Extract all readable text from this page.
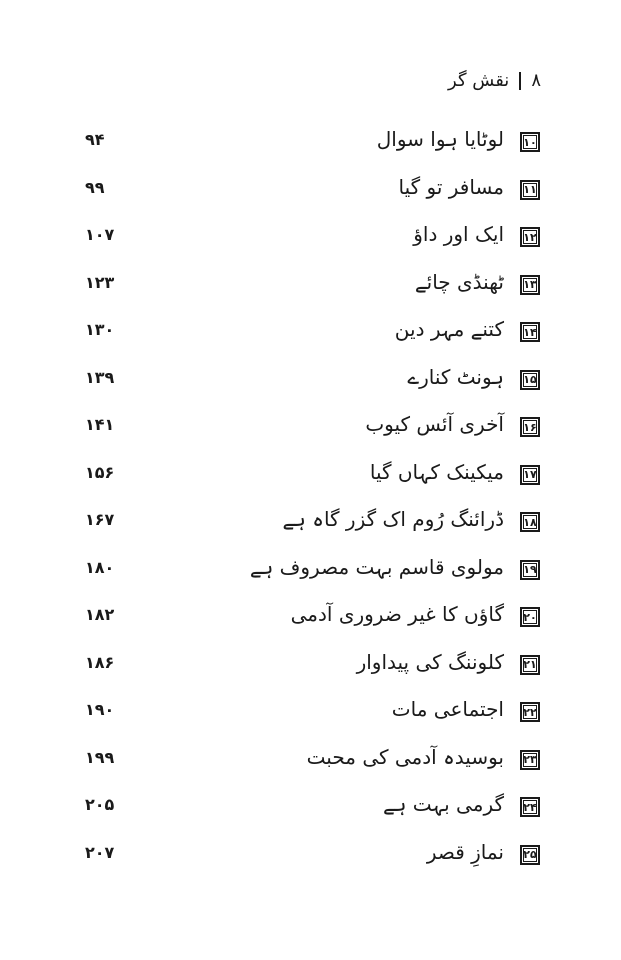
۸
نقش گر
۱۰
لوٹایا ہوا سوال
۹۴
۱۱
مسافر تو گیا
۹۹
۱۲
ایک اور داؤ
۱۰۷
۱۳
ٹھنڈی چائے
۱۲۳
۱۴
کتنے مہر دین
۱۳۰
۱۵
ہونٹ کنارے
۱۳۹
۱۶
آخری آئس کیوب
۱۴۱
۱۷
میکینک کہاں گیا
۱۵۶
۱۸
ڈرائنگ رُوم اک گزر گاہ ہے
۱۶۷
۱۹
مولوی قاسم بہت مصروف ہے
۱۸۰
۲۰
گاؤں کا غیر ضروری آدمی
۱۸۲
۲۱
کلوننگ کی پیداوار
۱۸۶
۲۲
اجتماعی مات
۱۹۰
۲۳
بوسیدہ آدمی کی محبت
۱۹۹
۲۴
گرمی بہت ہے
۲۰۵
۲۵
نمازِ قصر
۲۰۷
